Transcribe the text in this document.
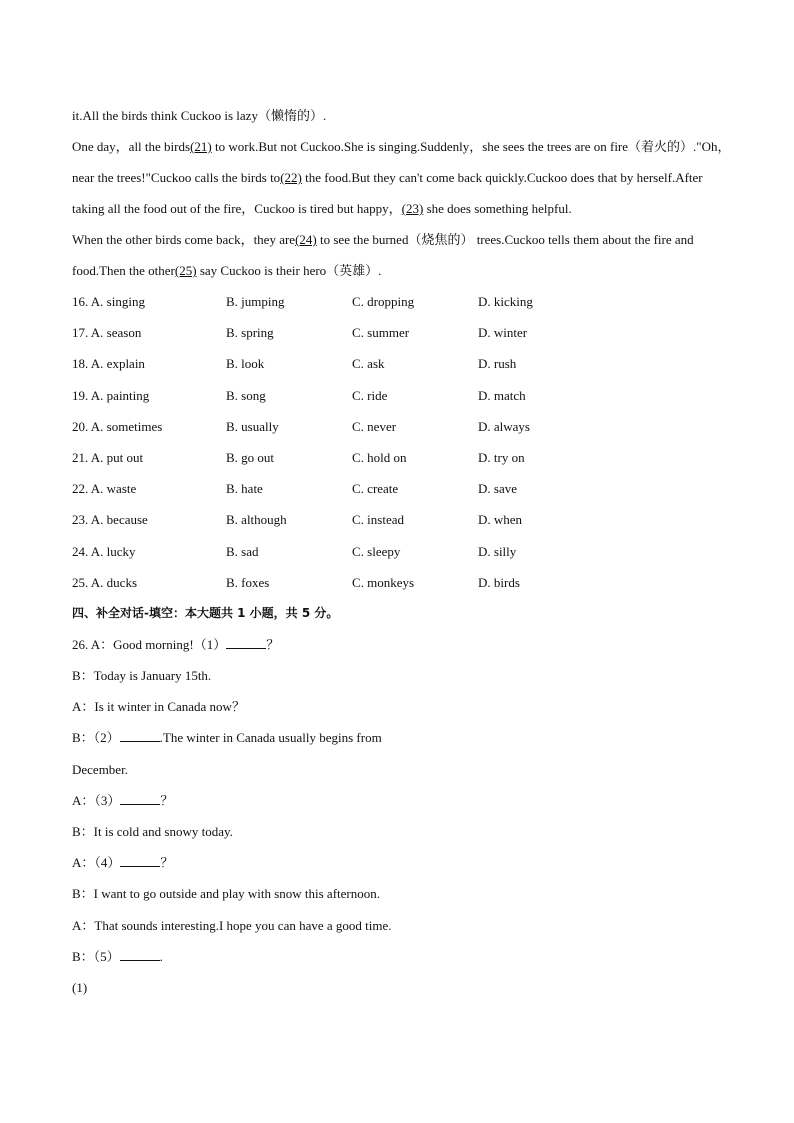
it.All the birds think Cuckoo is lazy（懒惰的）.

One day，all the birds(21) to work.But not Cuckoo.She is singing.Suddenly，she sees the trees are on fire（着火的）."Oh，near the trees!"Cuckoo calls the birds to(22) the food.But they can't come back quickly.Cuckoo does that by herself.After taking all the food out of the fire，Cuckoo is tired but happy，(23) she does something helpful.

When the other birds come back，they are(24) to see the burned（烧焦的） trees.Cuckoo tells them about the fire and food.Then the other(25) say Cuckoo is their hero（英雄）.

16. A. singing	B. jumping	C. dropping	D. kicking
17. A. season	B. spring	C. summer	D. winter
18. A. explain	B. look	C. ask	D. rush
19. A. painting	B. song	C. ride	D. match
20. A. sometimes	B. usually	C. never	D. always
21. A. put out	B. go out	C. hold on	D. try on
22. A. waste	B. hate	C. create	D. save
23. A. because	B. although	C. instead	D. when
24. A. lucky	B. sad	C. sleepy	D. silly
25. A. ducks	B. foxes	C. monkeys	D. birds
四、补全对话-填空：本大题共 1 小题，共 5 分。
26. A：Good morning!（1）	？
B：Today is January 15th.
A：Is it winter in Canada now？
B：（2）	.The winter in Canada usually begins from
December.
A：（3）	？
B：It is cold and snowy today.
A：（4）	？
B：I want to go outside and play with snow this afternoon.
A：That sounds interesting.I hope you can have a good time.
B：（5）	.
(1)
